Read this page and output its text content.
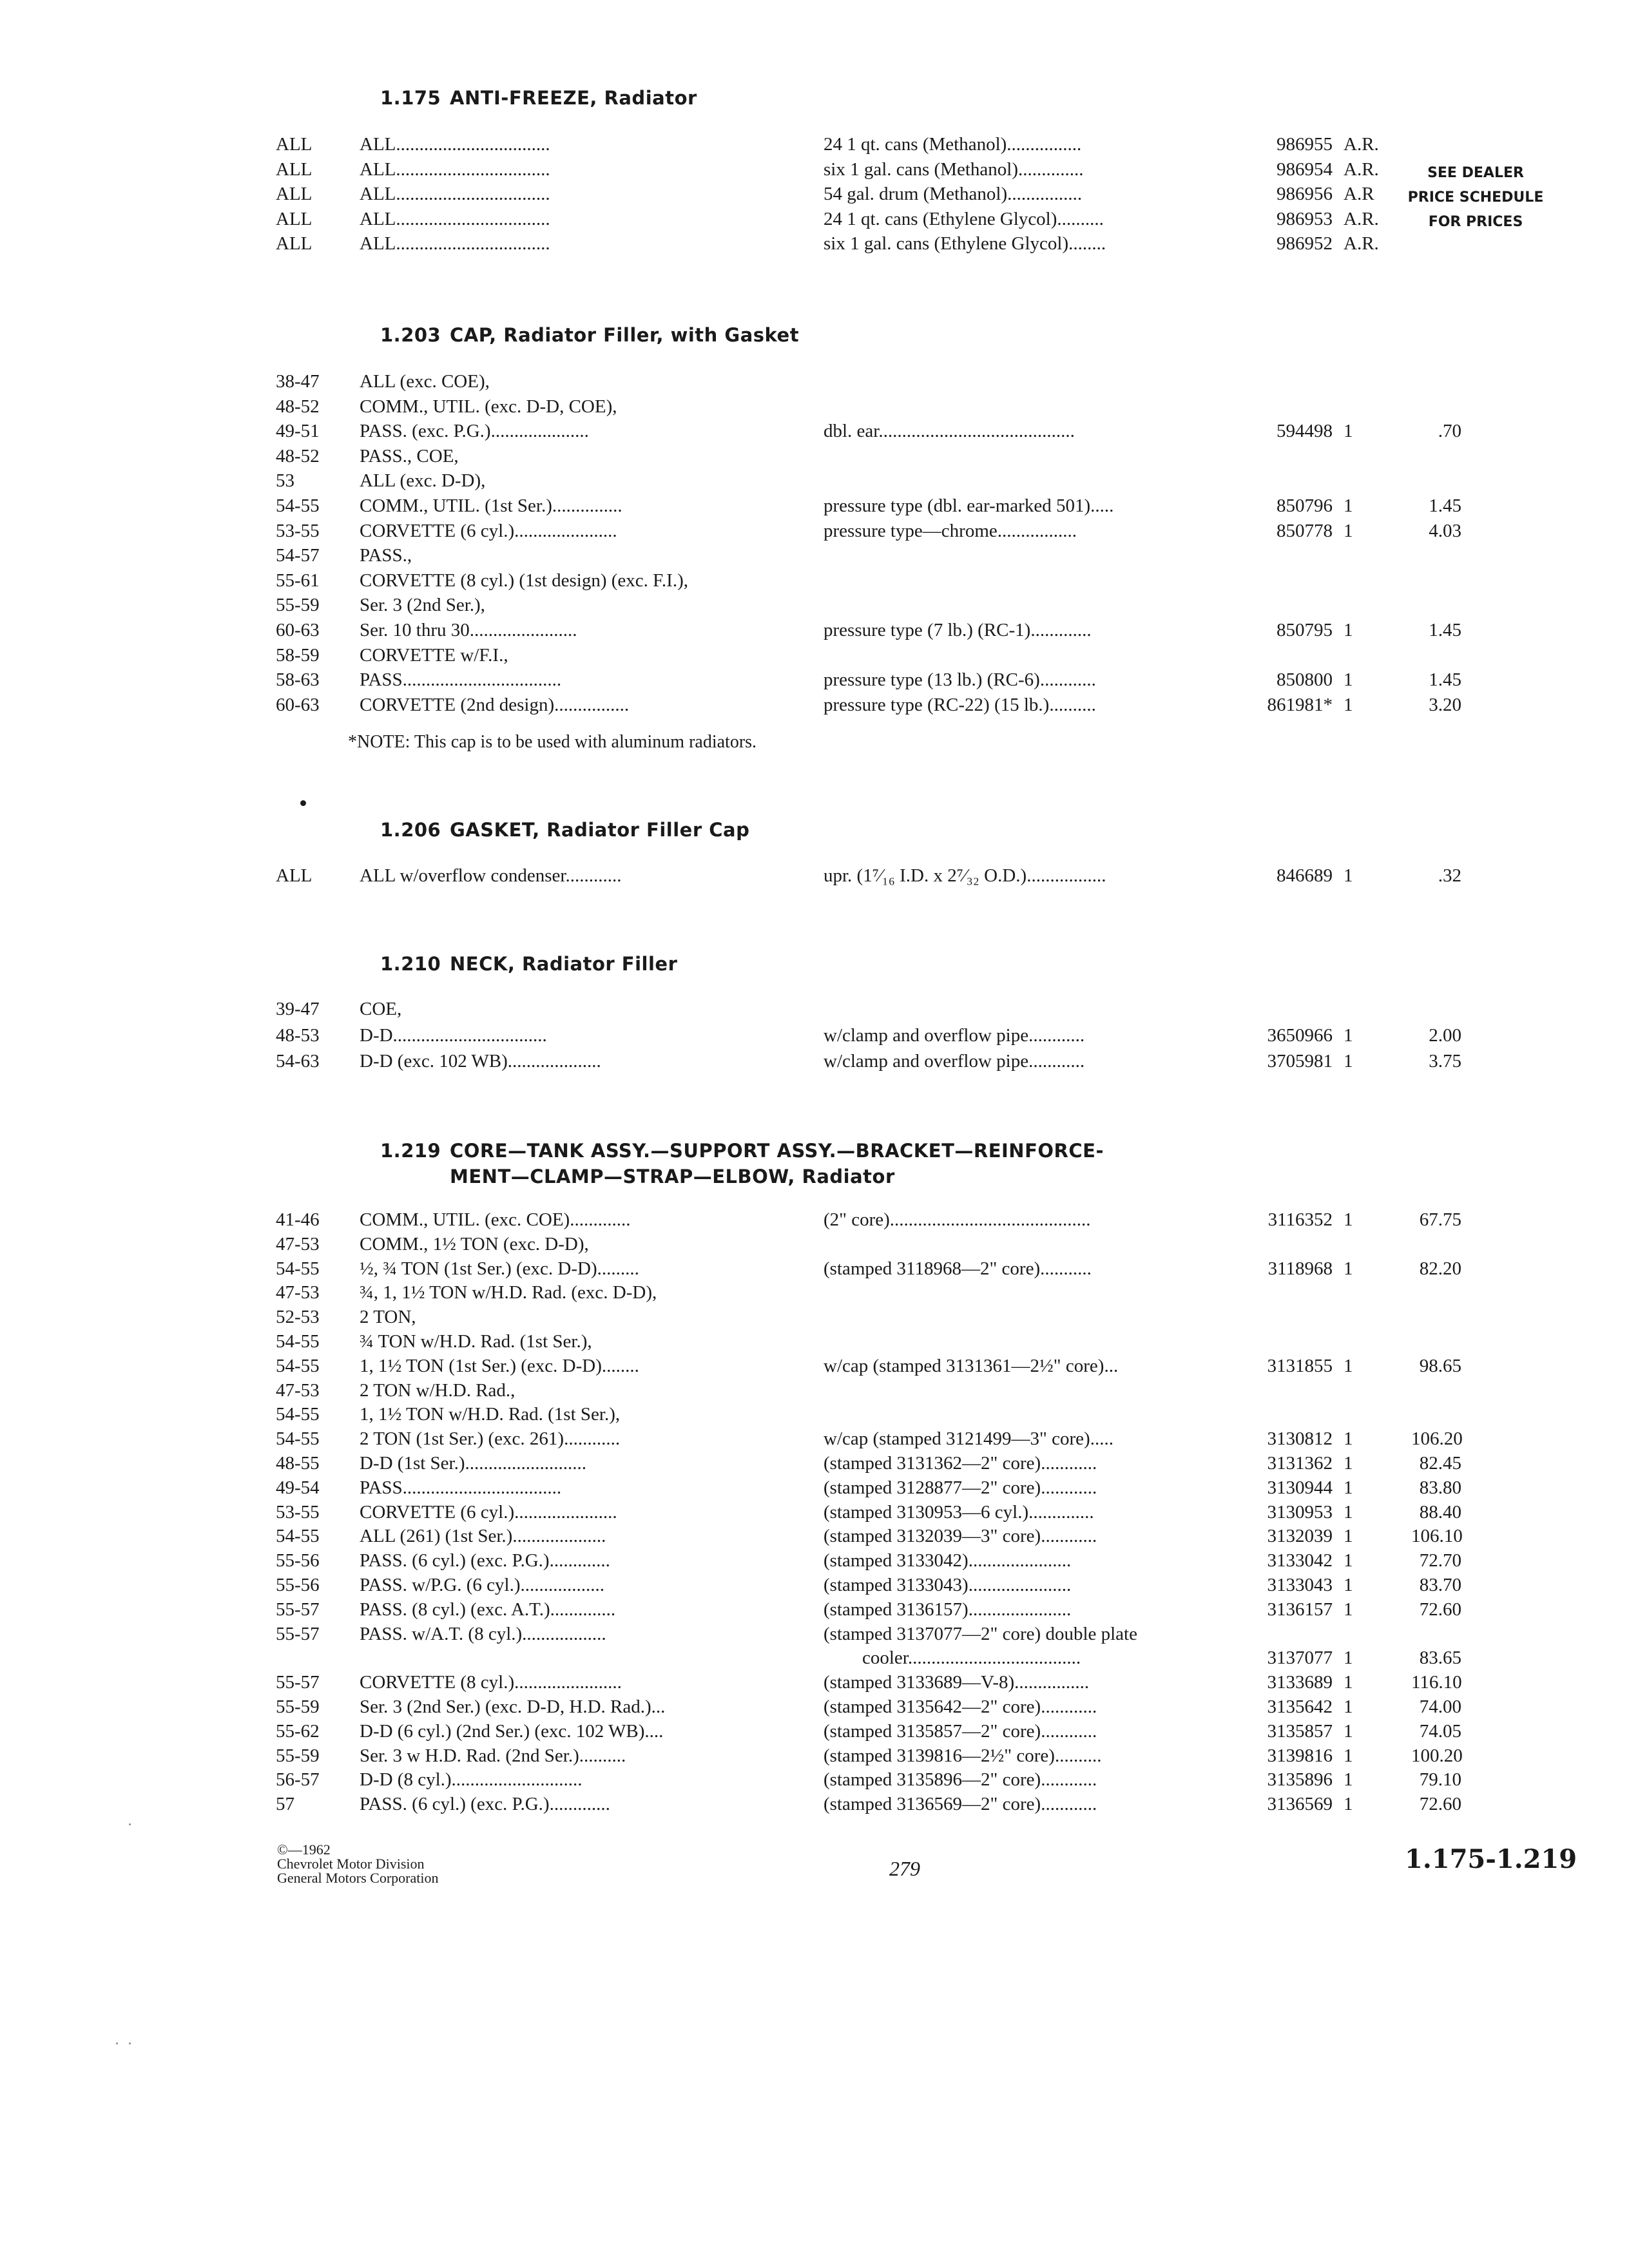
1.175 ANTI-FREEZE, Radiator
ALL	ALL.................................	24 1 qt. cans (Methanol)................	986955 A.R.
ALL	ALL.................................	six 1 gal. cans (Methanol)..............	986954 A.R.
ALL	ALL.................................	54 gal. drum (Methanol)................	986956 A.R
ALL	ALL.................................	24 1 qt. cans (Ethylene Glycol)..........	986953 A.R.
ALL	ALL.................................	six 1 gal. cans (Ethylene Glycol)........	986952 A.R.
SEE DEALER
PRICE SCHEDULE
FOR PRICES
1.203 CAP, Radiator Filler, with Gasket
38-47	ALL (exc. COE),
48-52	COMM., UTIL. (exc. D-D, COE),
49-51	PASS. (exc. P.G.).....................	dbl. ear..........................................	594498 1	.70
48-52	PASS., COE,
53	ALL (exc. D-D),
54-55	COMM., UTIL. (1st Ser.)...............	pressure type (dbl. ear-marked 501).....	850796 1	1.45
53-55	CORVETTE (6 cyl.)......................	pressure type—chrome.................	850778 1	4.03
54-57	PASS.,
55-61	CORVETTE (8 cyl.) (1st design) (exc. F.I.),
55-59	Ser. 3 (2nd Ser.),
60-63	Ser. 10 thru 30.......................	pressure type (7 lb.) (RC-1).............	850795 1	1.45
58-59	CORVETTE w/F.I.,
58-63	PASS..................................	pressure type (13 lb.) (RC-6)............	850800 1	1.45
60-63	CORVETTE (2nd design)................	pressure type (RC-22) (15 lb.)..........	861981* 1	3.20
*NOTE: This cap is to be used with aluminum radiators.
1.206 GASKET, Radiator Filler Cap
ALL	ALL w/overflow condenser............	upr. (1⁷⁄₁₆ I.D. x 2⁷⁄₃₂ O.D.).................	846689 1	.32
1.210 NECK, Radiator Filler
39-47	COE,
48-53	D-D.................................	w/clamp and overflow pipe............	3650966 1	2.00
54-63	D-D (exc. 102 WB)....................	w/clamp and overflow pipe............	3705981 1	3.75
1.219 CORE—TANK ASSY.—SUPPORT ASSY.—BRACKET—REINFORCE-
MENT—CLAMP—STRAP—ELBOW, Radiator
41-46	COMM., UTIL. (exc. COE).............	(2" core)...........................................	3116352 1	67.75
47-53	COMM., 1½ TON (exc. D-D),
54-55	½, ¾ TON (1st Ser.) (exc. D-D).........	(stamped 3118968—2" core)...........	3118968 1	82.20
47-53	¾, 1, 1½ TON w/H.D. Rad. (exc. D-D),
52-53	2 TON,
54-55	¾ TON w/H.D. Rad. (1st Ser.),
54-55	1, 1½ TON (1st Ser.) (exc. D-D)........	w/cap (stamped 3131361—2½" core)...	3131855 1	98.65
47-53	2 TON w/H.D. Rad.,
54-55	1, 1½ TON w/H.D. Rad. (1st Ser.),
54-55	2 TON (1st Ser.) (exc. 261)............	w/cap (stamped 3121499—3" core).....	3130812 1	106.20
48-55	D-D (1st Ser.)..........................	(stamped 3131362—2" core)............	3131362 1	82.45
49-54	PASS..................................	(stamped 3128877—2" core)............	3130944 1	83.80
53-55	CORVETTE (6 cyl.)......................	(stamped 3130953—6 cyl.)..............	3130953 1	88.40
54-55	ALL (261) (1st Ser.)....................	(stamped 3132039—3" core)............	3132039 1	106.10
55-56	PASS. (6 cyl.) (exc. P.G.).............	(stamped 3133042)......................	3133042 1	72.70
55-56	PASS. w/P.G. (6 cyl.)..................	(stamped 3133043)......................	3133043 1	83.70
55-57	PASS. (8 cyl.) (exc. A.T.)..............	(stamped 3136157)......................	3136157 1	72.60
55-57	PASS. w/A.T. (8 cyl.)..................	(stamped 3137077—2" core) double plate
cooler.....................................	3137077 1	83.65
55-57	CORVETTE (8 cyl.).......................	(stamped 3133689—V-8)................	3133689 1	116.10
55-59	Ser. 3 (2nd Ser.) (exc. D-D, H.D. Rad.)...	(stamped 3135642—2" core)............	3135642 1	74.00
55-62	D-D (6 cyl.) (2nd Ser.) (exc. 102 WB)....	(stamped 3135857—2" core)............	3135857 1	74.05
55-59	Ser. 3 w H.D. Rad. (2nd Ser.)..........	(stamped 3139816—2½" core)..........	3139816 1	100.20
56-57	D-D (8 cyl.)............................	(stamped 3135896—2" core)............	3135896 1	79.10
57	PASS. (6 cyl.) (exc. P.G.).............	(stamped 3136569—2" core)............	3136569 1	72.60
©—1962
Chevrolet Motor Division
General Motors Corporation	279	1.175-1.219
